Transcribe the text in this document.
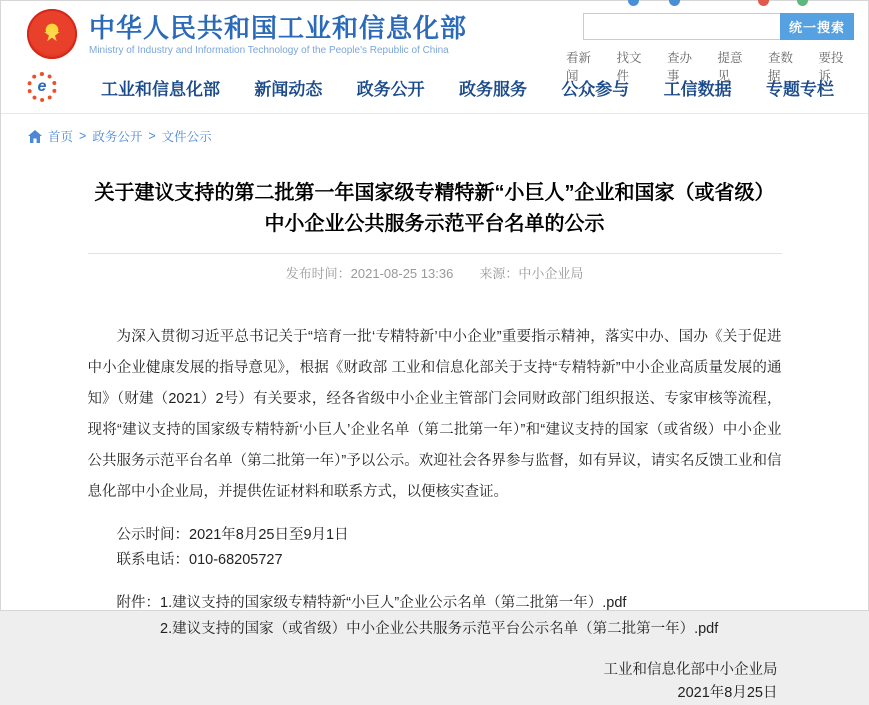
★	中华人民共和国工业和信息化部
Ministry of Industry and Information Technology of the People's Republic of China
统一搜索
看新闻
找文件
查办事
提意见
查数据
要投诉
e	工业和信息化部 新闻动态 政务公开 政务服务 公众参与 工信数据 专题专栏
首页 > 政务公开 > 文件公示
关于建议支持的第二批第一年国家级专精特新“小巨人”企业和国家（或省级）中小企业公共服务示范平台名单的公示
发布时间：2021-08-25 13:36 来源：中小企业局

为深入贯彻习近平总书记关于“培育一批‘专精特新’中小企业”重要指示精神，落实中办、国办《关于促进中小企业健康发展的指导意见》，根据《财政部 工业和信息化部关于支持“专精特新”中小企业高质量发展的通知》（财建（2021）2号）有关要求，经各省级中小企业主管部门会同财政部门组织报送、专家审核等流程，现将“建议支持的国家级专精特新‘小巨人’企业名单（第二批第一年）”和“建议支持的国家（或省级）中小企业公共服务示范平台名单（第二批第一年）”予以公示。欢迎社会各界参与监督，如有异议，请实名反馈工业和信息化部中小企业局，并提供佐证材料和联系方式，以便核实查证。

公示时间：2021年8月25日至9月1日
联系电话：010-68205727
附件： 1.建议支持的国家级专精特新“小巨人”企业公示名单（第二批第一年）.pdf
2.建议支持的国家（或省级）中小企业公共服务示范平台公示名单（第二批第一年）.pdf
工业和信息化部中小企业局
2021年8月25日
